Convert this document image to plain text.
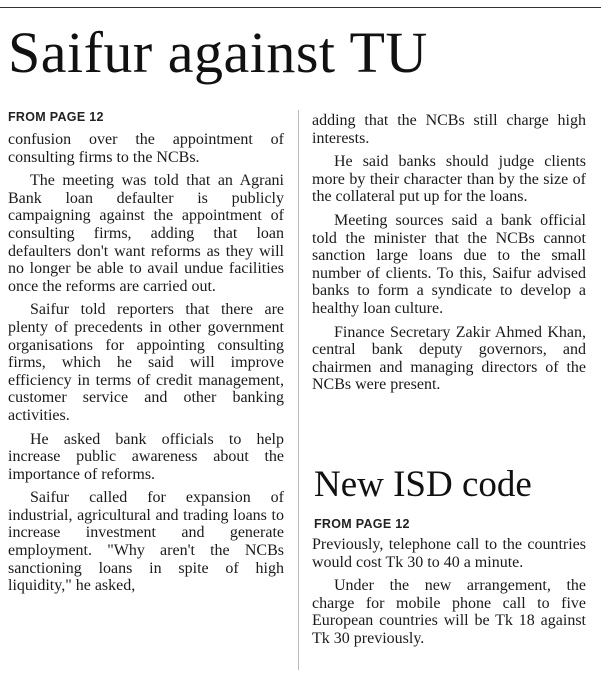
Saifur against TU

FROM PAGE 12

confusion over the appointment of consulting firms to the NCBs.

The meeting was told that an Agrani Bank loan defaulter is publicly campaigning against the appointment of consulting firms, adding that loan defaulters don't want reforms as they will no longer be able to avail undue facilities once the reforms are carried out.

Saifur told reporters that there are plenty of precedents in other government organisations for appointing consulting firms, which he said will improve efficiency in terms of credit management, customer service and other banking activities.

He asked bank officials to help increase public awareness about the importance of reforms.

Saifur called for expansion of industrial, agricultural and trading loans to increase investment and generate employment. "Why aren't the NCBs sanctioning loans in spite of high liquidity," he asked,

adding that the NCBs still charge high interests.

He said banks should judge clients more by their character than by the size of the collateral put up for the loans.

Meeting sources said a bank official told the minister that the NCBs cannot sanction large loans due to the small number of clients. To this, Saifur advised banks to form a syndicate to develop a healthy loan culture.

Finance Secretary Zakir Ahmed Khan, central bank deputy governors, and chairmen and managing directors of the NCBs were present.

New ISD code

FROM PAGE 12

Previously, telephone call to the countries would cost Tk 30 to 40 a minute.

Under the new arrangement, the charge for mobile phone call to five European countries will be Tk 18 against Tk 30 previously.
